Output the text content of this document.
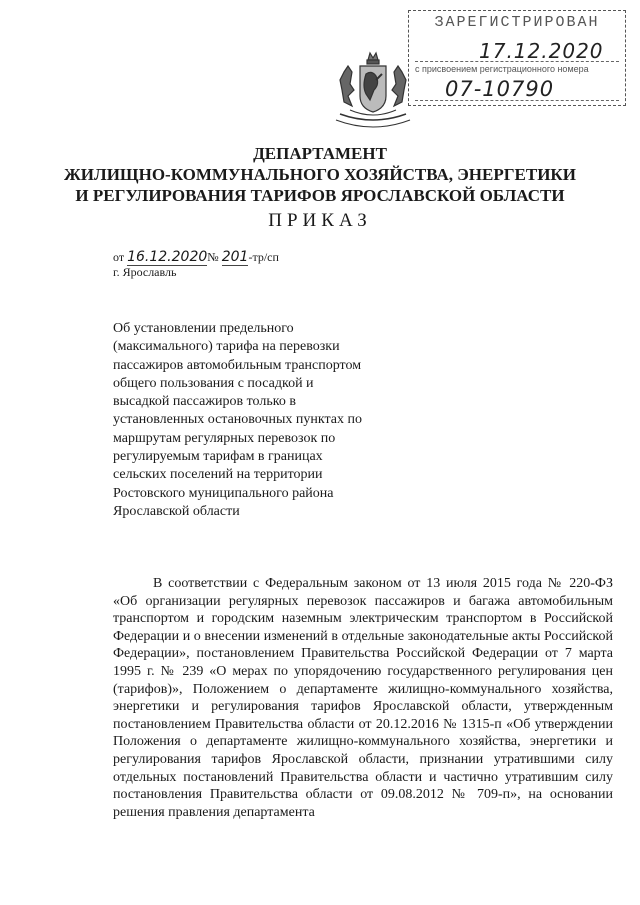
ЗАРЕГИСТРИРОВАН
17.12.2020
с присвоением регистрационного номера
07-10790
ДЕПАРТАМЕНТ
ЖИЛИЩНО-КОММУНАЛЬНОГО ХОЗЯЙСТВА, ЭНЕРГЕТИКИ
И РЕГУЛИРОВАНИЯ ТАРИФОВ ЯРОСЛАВСКОЙ ОБЛАСТИ
ПРИКАЗ
от 16.12.2020№ 201-тр/сп
г. Ярославль
Об установлении предельного (максимального) тарифа на перевозки пассажиров автомобильным транспортом общего пользования с посадкой и высадкой пассажиров только в установленных остановочных пунктах по маршрутам регулярных перевозок по регулируемым тарифам в границах сельских поселений на территории Ростовского муниципального района Ярославской области

В соответствии с Федеральным законом от 13 июля 2015 года № 220-ФЗ «Об организации регулярных перевозок пассажиров и багажа автомобильным транспортом и городским наземным электрическим транспортом в Российской Федерации и о внесении изменений в отдельные законодательные акты Российской Федерации», постановлением Правительства Российской Федерации от 7 марта 1995 г. № 239 «О мерах по упорядочению государственного регулирования цен (тарифов)», Положением о департаменте жилищно-коммунального хозяйства, энергетики и регулирования тарифов Ярославской области, утвержденным постановлением Правительства области от 20.12.2016 № 1315-п «Об утверждении Положения о департаменте жилищно-коммунального хозяйства, энергетики и регулирования тарифов Ярославской области, признании утратившими силу отдельных постановлений Правительства области и частично утратившим силу постановления Правительства области от 09.08.2012 № 709-п», на основании решения правления департамента
